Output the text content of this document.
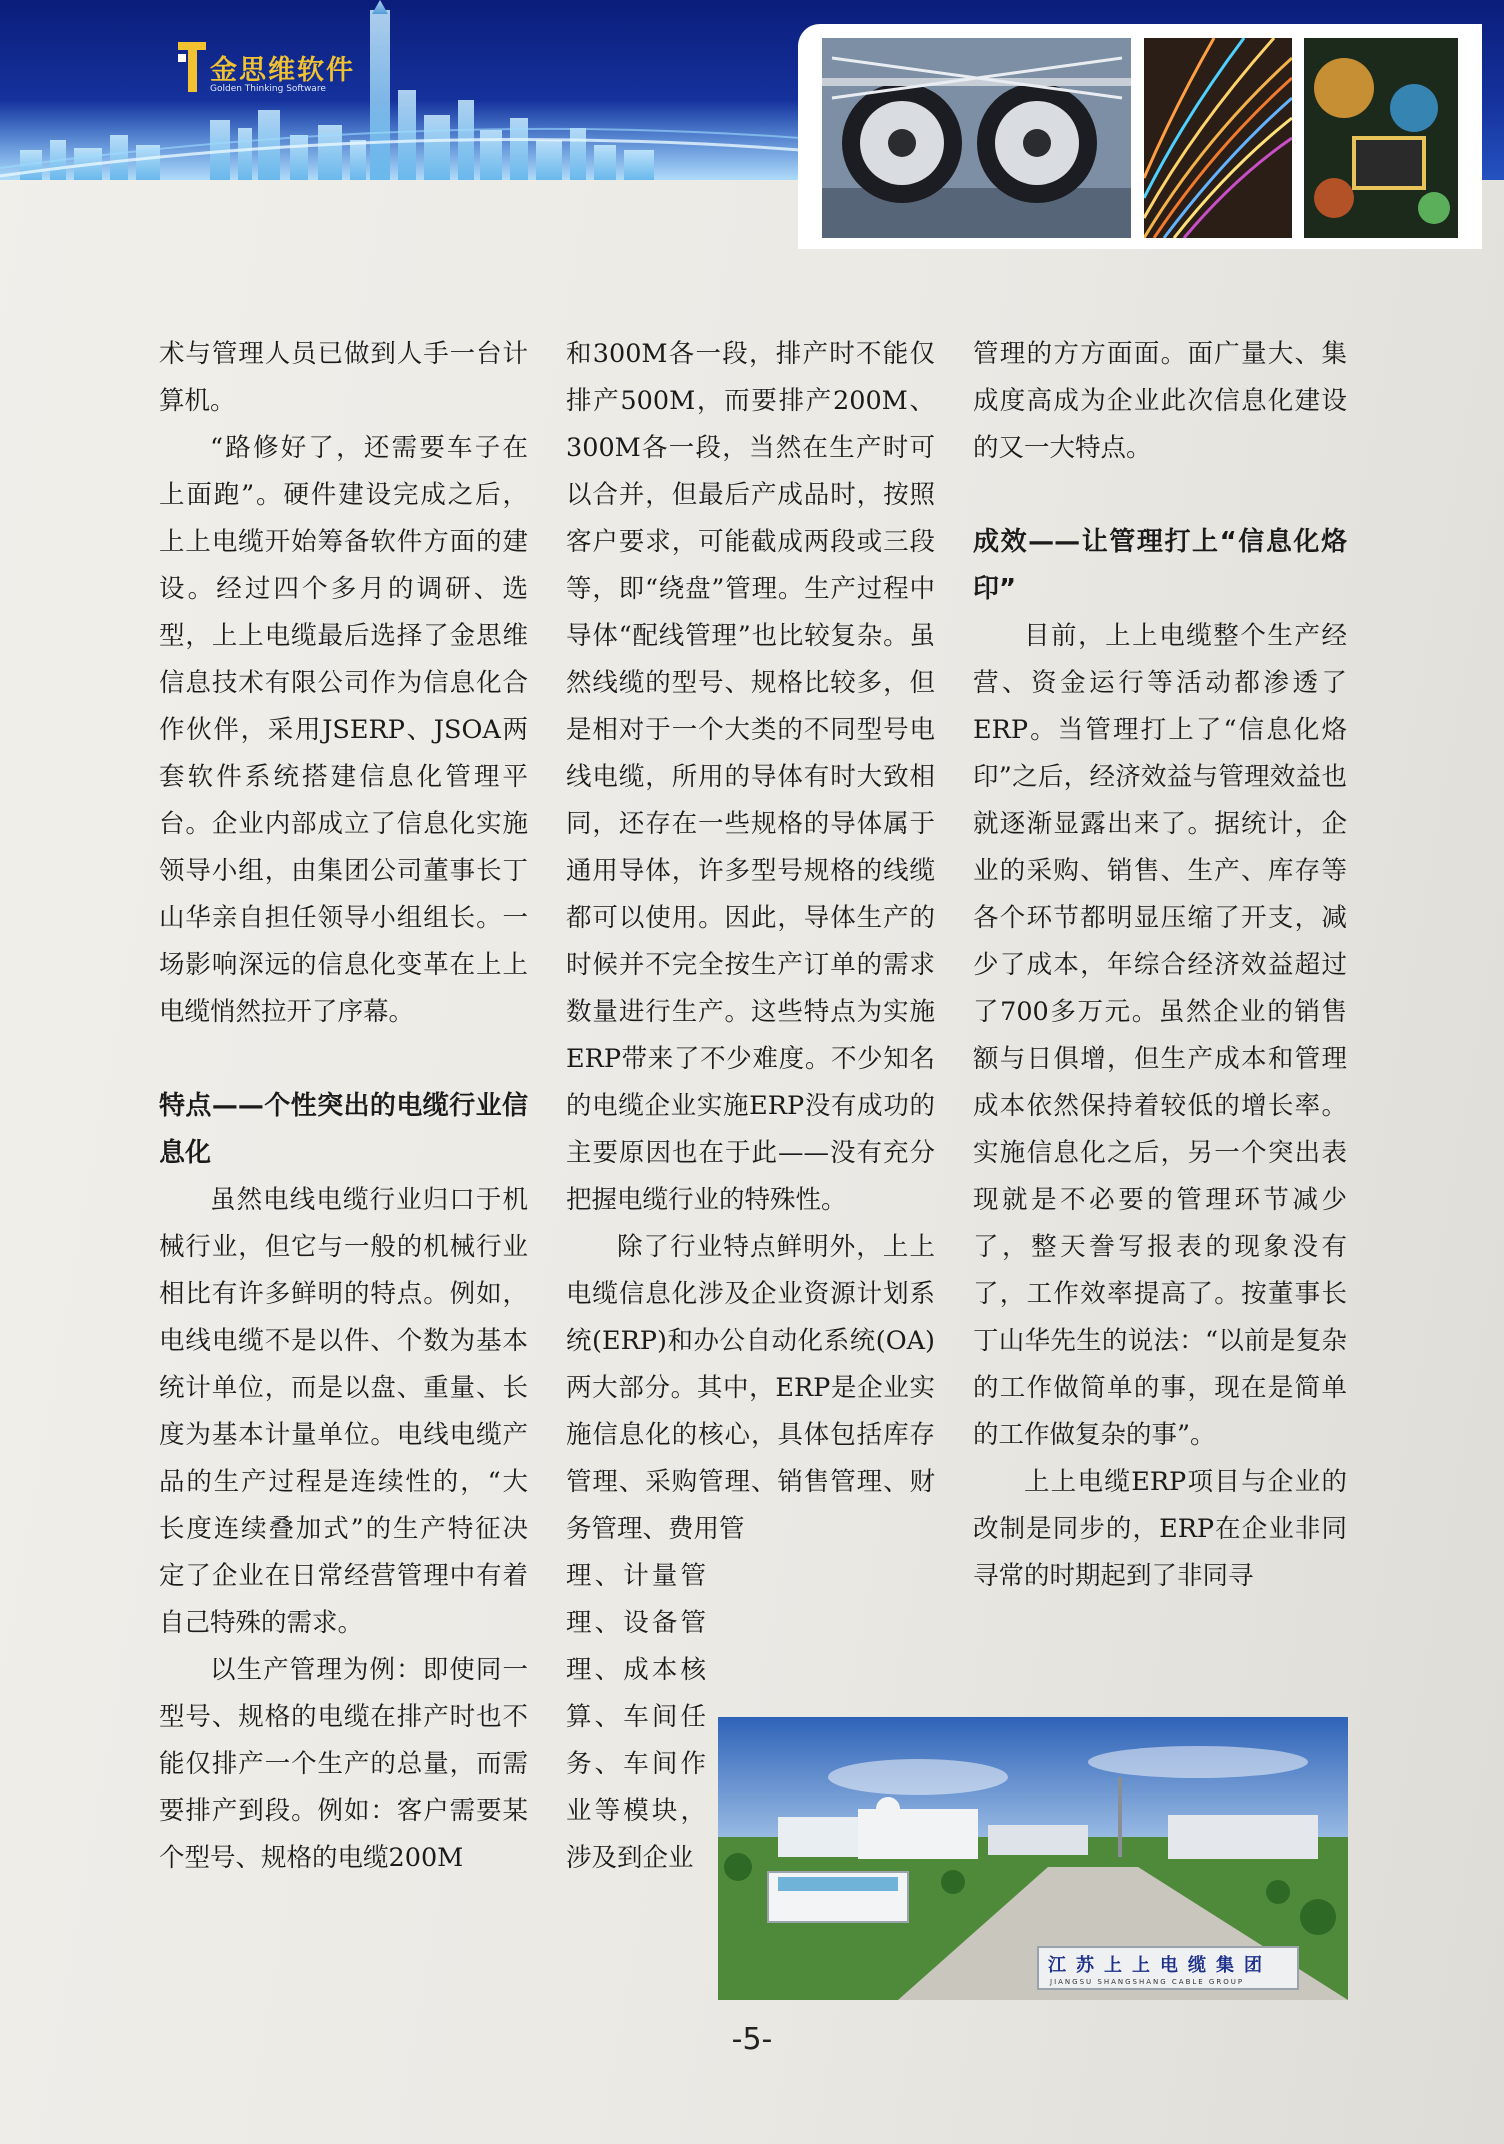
金思维软件
Golden Thinking Software

术与管理人员已做到人手一台计算机。

“路修好了，还需要车子在上面跑”。硬件建设完成之后，上上电缆开始筹备软件方面的建设。经过四个多月的调研、选型，上上电缆最后选择了金思维信息技术有限公司作为信息化合作伙伴，采用JSERP、JSOA两套软件系统搭建信息化管理平台。企业内部成立了信息化实施领导小组，由集团公司董事长丁山华亲自担任领导小组组长。一场影响深远的信息化变革在上上电缆悄然拉开了序幕。

特点——个性突出的电缆行业信息化

虽然电线电缆行业归口于机械行业，但它与一般的机械行业相比有许多鲜明的特点。例如，电线电缆不是以件、个数为基本统计单位，而是以盘、重量、长度为基本计量单位。电线电缆产品的生产过程是连续性的，“大长度连续叠加式”的生产特征决定了企业在日常经营管理中有着自己特殊的需求。

以生产管理为例：即使同一型号、规格的电缆在排产时也不能仅排产一个生产的总量，而需要排产到段。例如：客户需要某个型号、规格的电缆200M

和300M各一段，排产时不能仅排产500M，而要排产200M、300M各一段，当然在生产时可以合并，但最后产成品时，按照客户要求，可能截成两段或三段等，即“绕盘”管理。生产过程中导体“配线管理”也比较复杂。虽然线缆的型号、规格比较多，但是相对于一个大类的不同型号电线电缆，所用的导体有时大致相同，还存在一些规格的导体属于通用导体，许多型号规格的线缆都可以使用。因此，导体生产的时候并不完全按生产订单的需求数量进行生产。这些特点为实施ERP带来了不少难度。不少知名的电缆企业实施ERP没有成功的主要原因也在于此——没有充分把握电缆行业的特殊性。

除了行业特点鲜明外，上上电缆信息化涉及企业资源计划系统(ERP)和办公自动化系统(OA)两大部分。其中，ERP是企业实施信息化的核心，具体包括库存管理、采购管理、销售管理、财务管理、费用管

理、计量管理、设备管理、成本核算、车间任务、车间作业等模块，涉及到企业

管理的方方面面。面广量大、集成度高成为企业此次信息化建设的又一大特点。

成效——让管理打上“信息化烙印”

目前，上上电缆整个生产经营、资金运行等活动都渗透了ERP。当管理打上了“信息化烙印”之后，经济效益与管理效益也就逐渐显露出来了。据统计，企业的采购、销售、生产、库存等各个环节都明显压缩了开支，减少了成本，年综合经济效益超过了700多万元。虽然企业的销售额与日俱增，但生产成本和管理成本依然保持着较低的增长率。实施信息化之后，另一个突出表现就是不必要的管理环节减少了，整天誊写报表的现象没有了，工作效率提高了。按董事长丁山华先生的说法：“以前是复杂的工作做简单的事，现在是简单的工作做复杂的事”。

上上电缆ERP项目与企业的改制是同步的，ERP在企业非同寻常的时期起到了非同寻

江苏上上电缆集团
JIANGSU SHANGSHANG CABLE GROUP
-5-
